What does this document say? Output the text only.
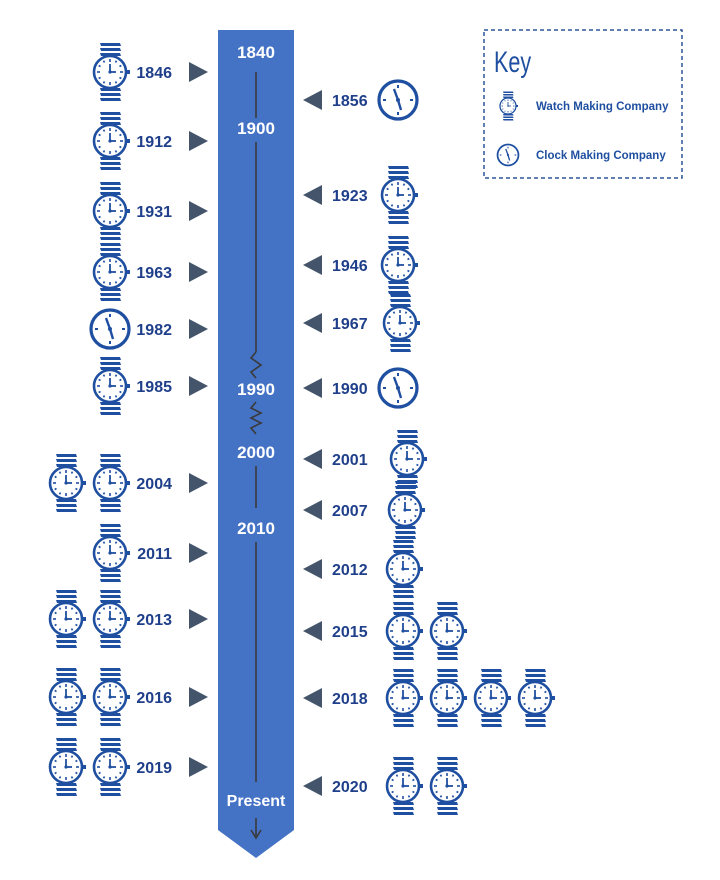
1840
1900
1990
2000
2010
Present
1846
1912
1931
1963
1982
1985
2004
2011
2013
2016
2019
1856
1923
1946
1967
1990
2001
2007
2012
2015
2018
2020
Key
Watch Making Company
Clock Making Company
